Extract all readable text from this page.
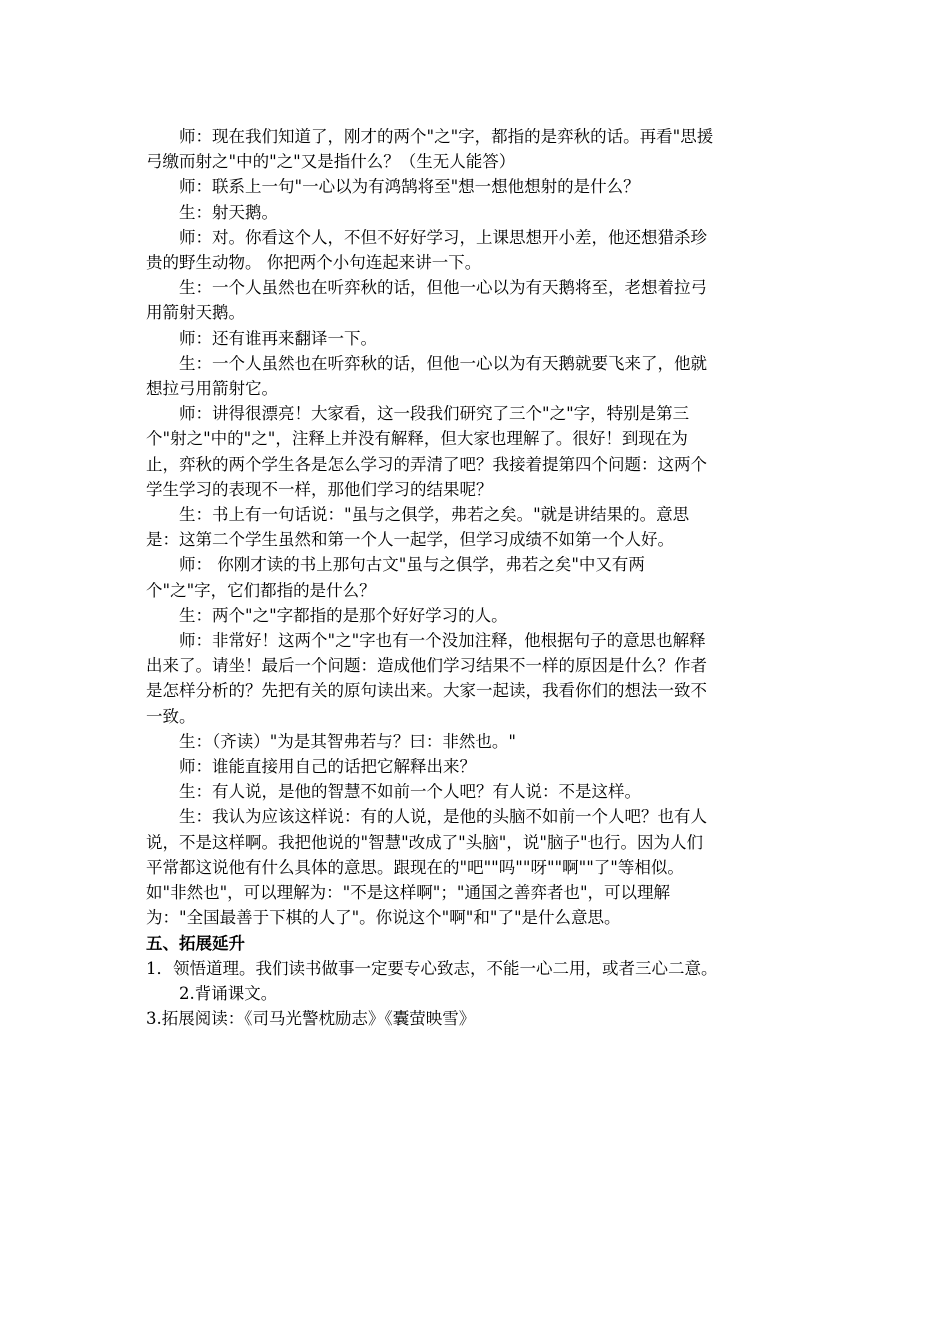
师：现在我们知道了，刚才的两个"之"字，都指的是弈秋的话。再看"思援

弓缴而射之"中的"之"又是指什么？（生无人能答）

师：联系上一句"一心以为有鸿鹄将至"想一想他想射的是什么？

生：射天鹅。

师：对。你看这个人，不但不好好学习，上课思想开小差，他还想猎杀珍

贵的野生动物。 你把两个小句连起来讲一下。

生：一个人虽然也在听弈秋的话，但他一心以为有天鹅将至，老想着拉弓

用箭射天鹅。

师：还有谁再来翻译一下。

生：一个人虽然也在听弈秋的话，但他一心以为有天鹅就要飞来了，他就

想拉弓用箭射它。

师：讲得很漂亮！大家看，这一段我们研究了三个"之"字，特别是第三

个"射之"中的"之"，注释上并没有解释，但大家也理解了。很好！到现在为

止，弈秋的两个学生各是怎么学习的弄清了吧？我接着提第四个问题：这两个

学生学习的表现不一样，那他们学习的结果呢？

生：书上有一句话说："虽与之俱学，弗若之矣。"就是讲结果的。意思

是：这第二个学生虽然和第一个人一起学，但学习成绩不如第一个人好。

师： 你刚才读的书上那句古文"虽与之俱学，弗若之矣"中又有两

个"之"字，它们都指的是什么？

生：两个"之"字都指的是那个好好学习的人。

师：非常好！这两个"之"字也有一个没加注释，他根据句子的意思也解释

出来了。请坐！最后一个问题：造成他们学习结果不一样的原因是什么？作者

是怎样分析的？先把有关的原句读出来。大家一起读，我看你们的想法一致不

一致。

生：（齐读）"为是其智弗若与？曰：非然也。"

师：谁能直接用自己的话把它解释出来？

生：有人说，是他的智慧不如前一个人吧？有人说：不是这样。

生：我认为应该这样说：有的人说，是他的头脑不如前一个人吧？也有人

说，不是这样啊。我把他说的"智慧"改成了"头脑"，说"脑子"也行。因为人们

平常都这说他有什么具体的意思。跟现在的"吧""吗""呀""啊""了"等相似。

如"非然也"，可以理解为："不是这样啊"；"通国之善弈者也"，可以理解

为："全国最善于下棋的人了"。你说这个"啊"和"了"是什么意思。

五、拓展延升

1．领悟道理。我们读书做事一定要专心致志，不能一心二用，或者三心二意。

2.背诵课文。

3.拓展阅读：《司马光警枕励志》《囊萤映雪》
